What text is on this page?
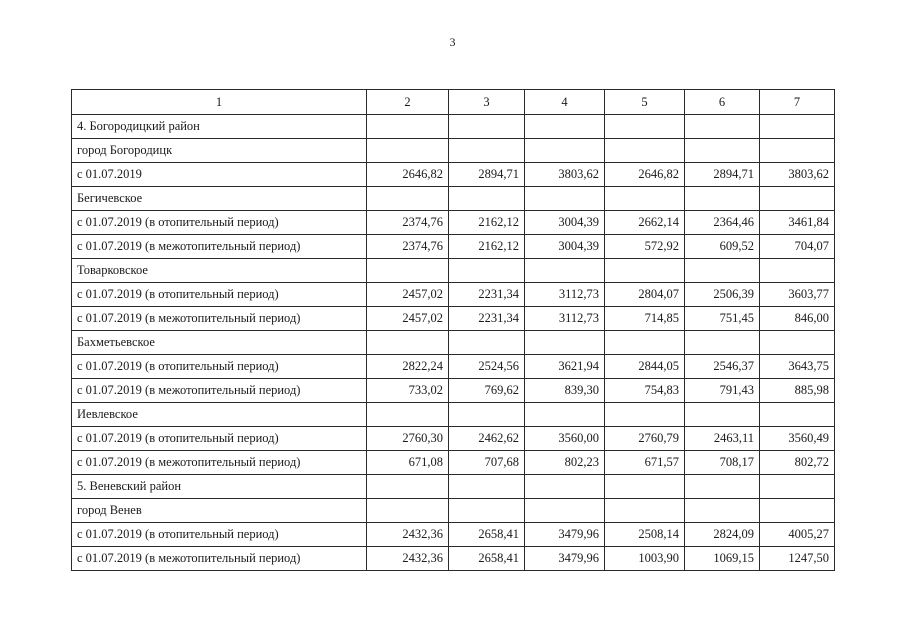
3
1	2	3	4	5	6	7
4. Богородицкий район						
город Богородицк						
с 01.07.2019	2646,82	2894,71	3803,62	2646,82	2894,71	3803,62
Бегичевское						
с 01.07.2019 (в отопительный период)	2374,76	2162,12	3004,39	2662,14	2364,46	3461,84
с 01.07.2019 (в межотопительный период)	2374,76	2162,12	3004,39	572,92	609,52	704,07
Товарковское						
с 01.07.2019 (в отопительный период)	2457,02	2231,34	3112,73	2804,07	2506,39	3603,77
с 01.07.2019 (в межотопительный период)	2457,02	2231,34	3112,73	714,85	751,45	846,00
Бахметьевское						
с 01.07.2019 (в отопительный период)	2822,24	2524,56	3621,94	2844,05	2546,37	3643,75
с 01.07.2019 (в межотопительный период)	733,02	769,62	839,30	754,83	791,43	885,98
Иевлевское						
с 01.07.2019 (в отопительный период)	2760,30	2462,62	3560,00	2760,79	2463,11	3560,49
с 01.07.2019 (в межотопительный период)	671,08	707,68	802,23	671,57	708,17	802,72
5. Веневский район						
город Венев						
с 01.07.2019 (в отопительный период)	2432,36	2658,41	3479,96	2508,14	2824,09	4005,27
с 01.07.2019 (в межотопительный период)	2432,36	2658,41	3479,96	1003,90	1069,15	1247,50
